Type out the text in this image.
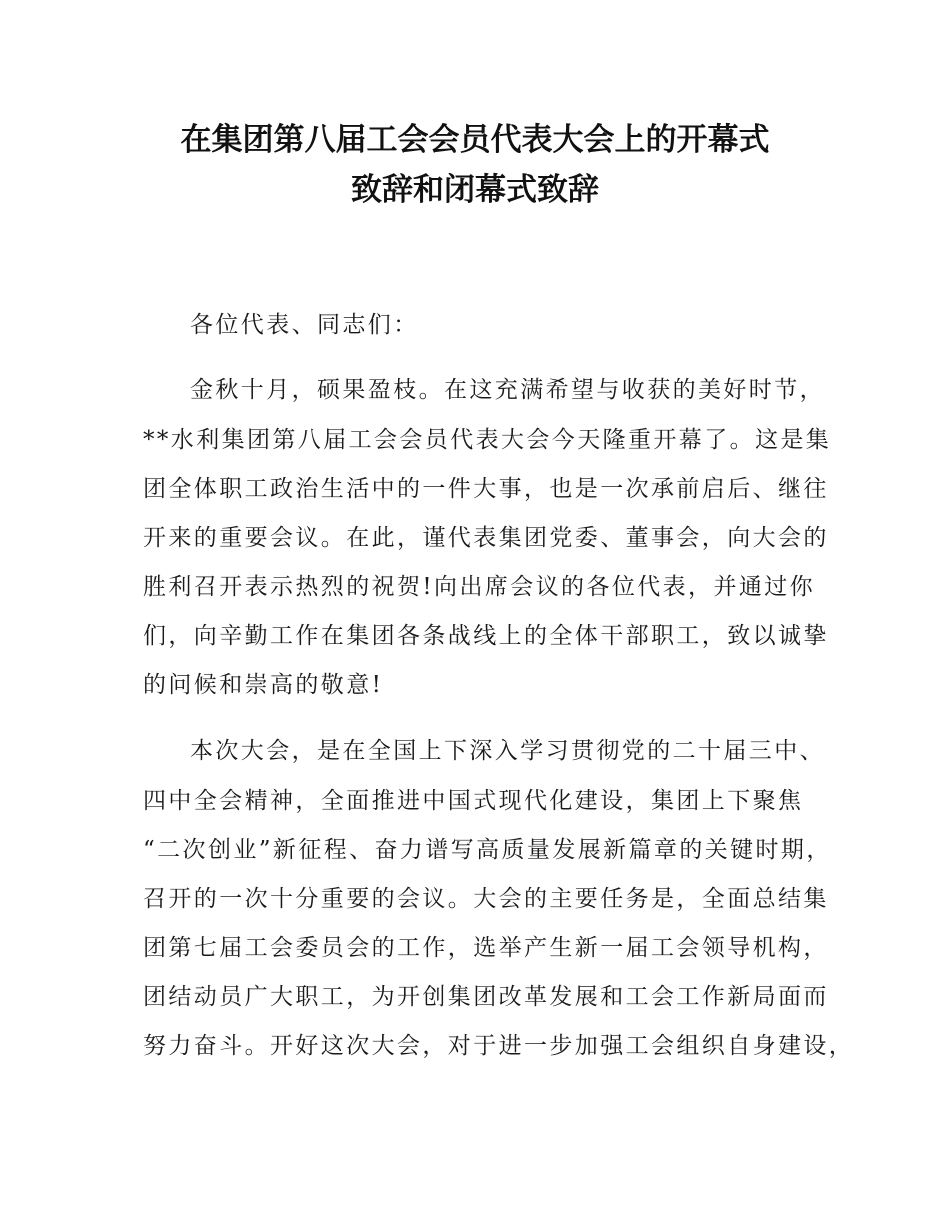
在集团第八届工会会员代表大会上的开幕式
致辞和闭幕式致辞
各位代表、同志们：
金秋十月，硕果盈枝。在这充满希望与收获的美好时节，
**水利集团第八届工会会员代表大会今天隆重开幕了。这是集
团全体职工政治生活中的一件大事，也是一次承前启后、继往
开来的重要会议。在此，谨代表集团党委、董事会，向大会的
胜利召开表示热烈的祝贺!向出席会议的各位代表，并通过你
们，向辛勤工作在集团各条战线上的全体干部职工，致以诚挚
的问候和崇高的敬意!
本次大会，是在全国上下深入学习贯彻党的二十届三中、
四中全会精神，全面推进中国式现代化建设，集团上下聚焦
“二次创业”新征程、奋力谱写高质量发展新篇章的关键时期，
召开的一次十分重要的会议。大会的主要任务是，全面总结集
团第七届工会委员会的工作，选举产生新一届工会领导机构，
团结动员广大职工，为开创集团改革发展和工会工作新局面而
努力奋斗。开好这次大会，对于进一步加强工会组织自身建设，
